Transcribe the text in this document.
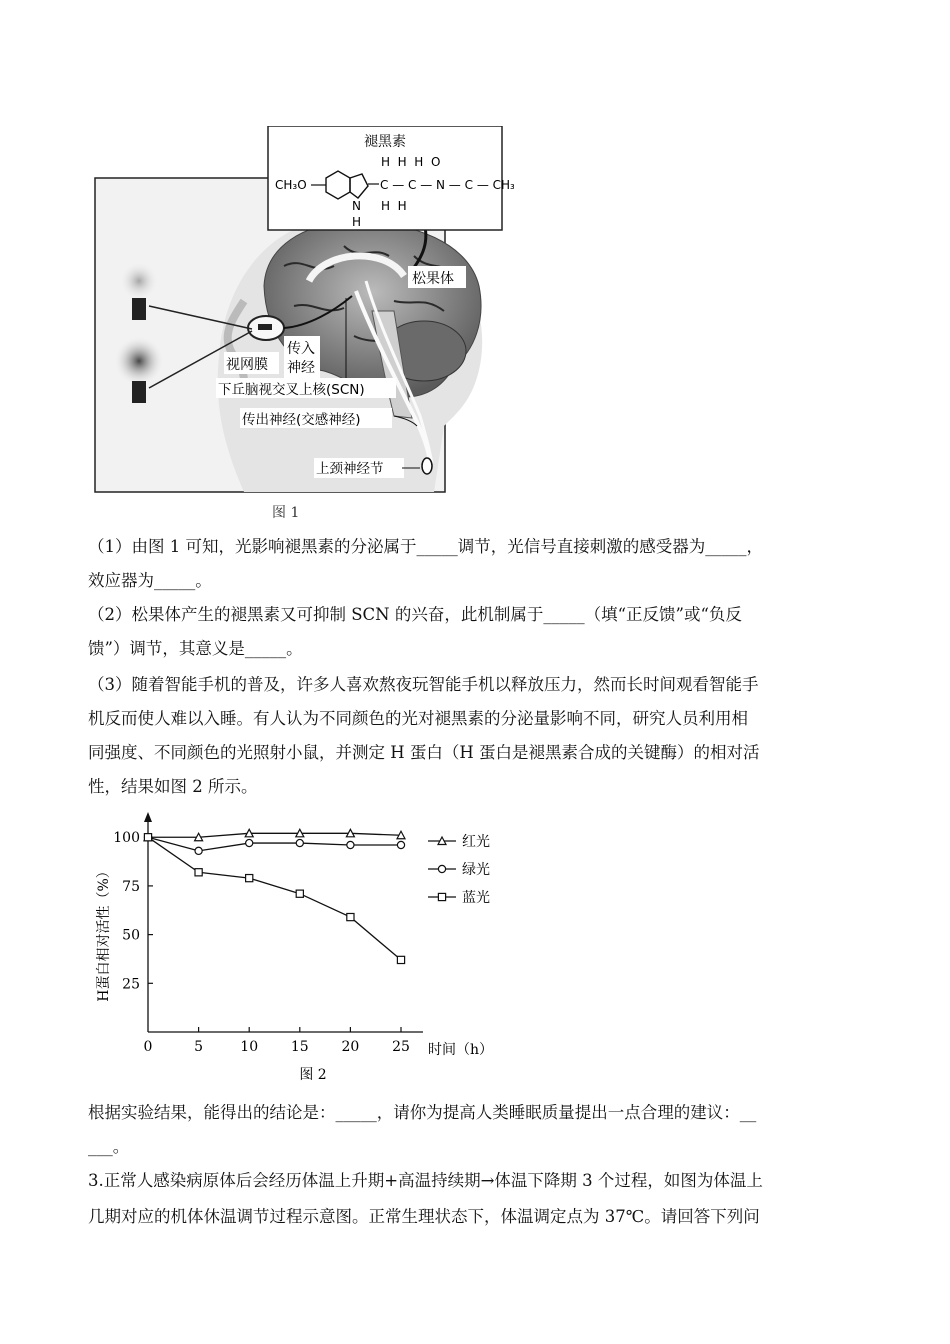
褪黑素
CH₃O
H  H  H  O
C — C — N — C — CH₃
H  H
N
H
松果体
视网膜
传入
神经
下丘脑视交叉上核(SCN)
传出神经(交感神经)
上颈神经节
图 1
（1）由图 1 可知，光影响褪黑素的分泌属于_____调节，光信号直接刺激的感受器为_____，
效应器为_____。
（2）松果体产生的褪黑素又可抑制 SCN 的兴奋，此机制属于_____（填“正反馈”或“负反
馈”）调节，其意义是_____。
（3）随着智能手机的普及，许多人喜欢熬夜玩智能手机以释放压力，然而长时间观看智能手
机反而使人难以入睡。有人认为不同颜色的光对褪黑素的分泌量影响不同，研究人员利用相
同强度、不同颜色的光照射小鼠，并测定 H 蛋白（H 蛋白是褪黑素合成的关键酶）的相对活
性，结果如图 2 所示。
H蛋白相对活性（%）
时间（h）
图 2
0	5	10 15 20 25
25
50
75
100	红光
绿光
蓝光
根据实验结果，能得出的结论是：_____，请你为提高人类睡眠质量提出一点合理的建议：__
___。
3.正常人感染病原体后会经历体温上升期+高温持续期→体温下降期 3 个过程，如图为体温上
几期对应的机体休温调节过程示意图。正常生理状态下，体温调定点为 37℃。请回答下列问
